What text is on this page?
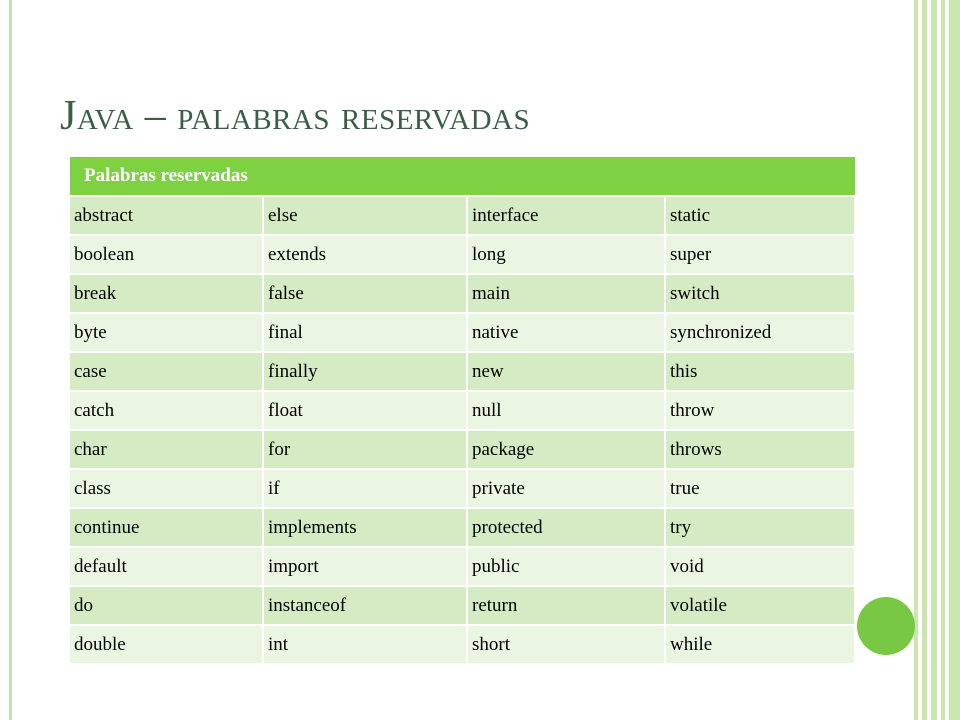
Java – palabras reservadas
Palabras reservadas			
abstract	else	interface	static
boolean	extends	long	super
break	false	main	switch
byte	final	native	synchronized
case	finally	new	this
catch	float	null	throw
char	for	package	throws
class	if	private	true
continue	implements	protected	try
default	import	public	void
do	instanceof	return	volatile
double	int	short	while
